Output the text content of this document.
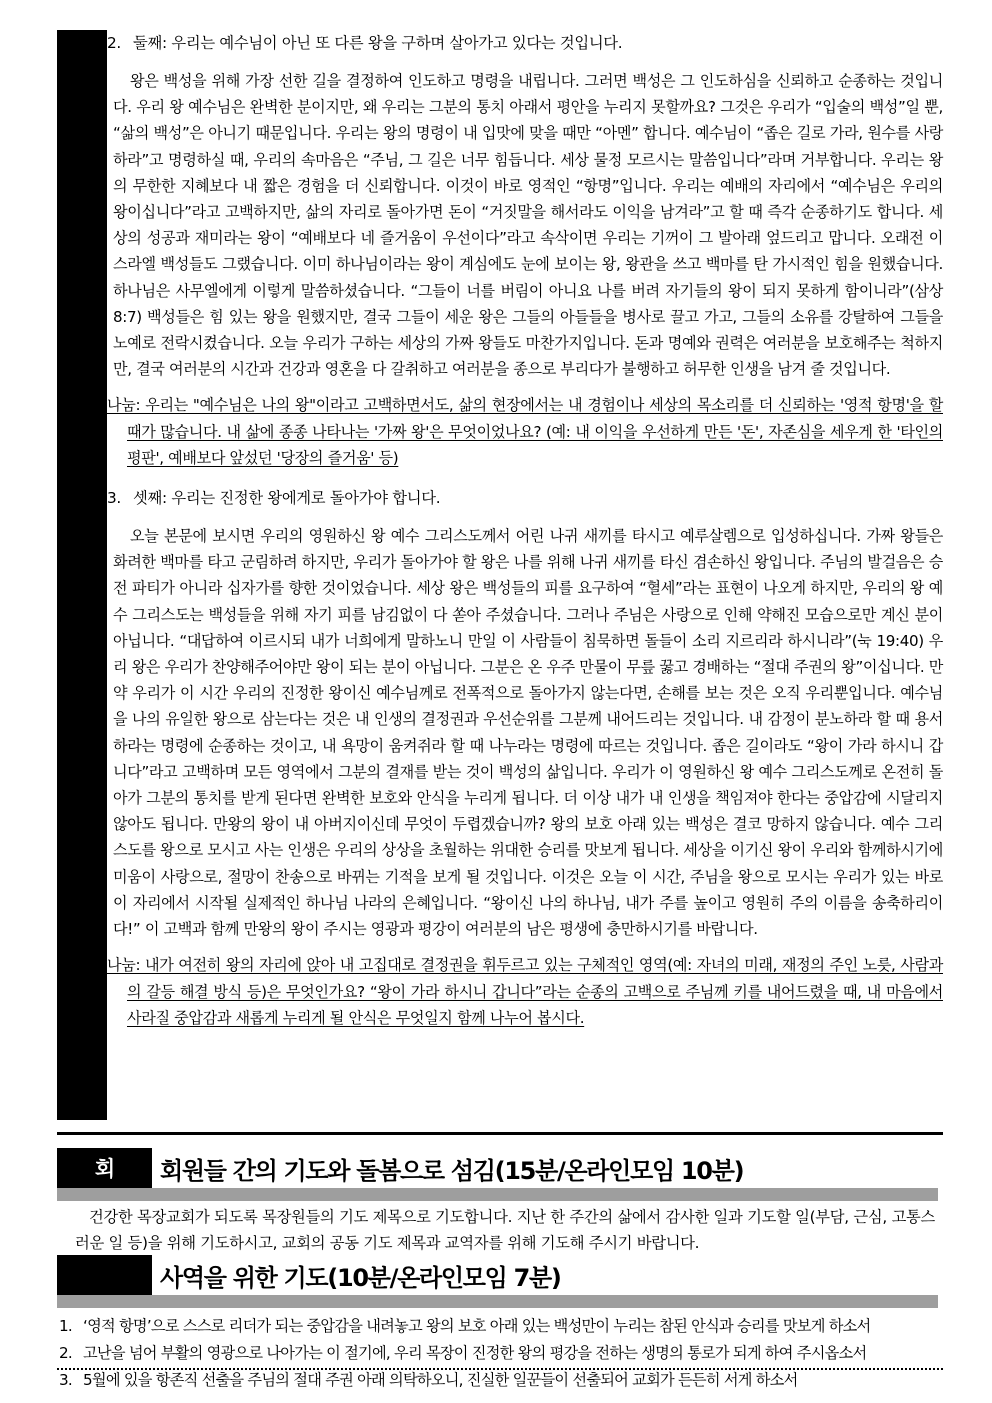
2. 둘째: 우리는 예수님이 아닌 또 다른 왕을 구하며 살아가고 있다는 것입니다.

왕은 백성을 위해 가장 선한 길을 결정하여 인도하고 명령을 내립니다. 그러면 백성은 그 인도하심을 신뢰하고 순종하는 것입니다. 우리 왕 예수님은 완벽한 분이지만, 왜 우리는 그분의 통치 아래서 평안을 누리지 못할까요? 그것은 우리가 “입술의 백성”일 뿐, “삶의 백성”은 아니기 때문입니다. 우리는 왕의 명령이 내 입맛에 맞을 때만 “아멘” 합니다. 예수님이 “좁은 길로 가라, 원수를 사랑하라”고 명령하실 때, 우리의 속마음은 “주님, 그 길은 너무 힘듭니다. 세상 물정 모르시는 말씀입니다”라며 거부합니다. 우리는 왕의 무한한 지혜보다 내 짧은 경험을 더 신뢰합니다. 이것이 바로 영적인 “항명”입니다. 우리는 예배의 자리에서 “예수님은 우리의 왕이십니다”라고 고백하지만, 삶의 자리로 돌아가면 돈이 “거짓말을 해서라도 이익을 남겨라”고 할 때 즉각 순종하기도 합니다. 세상의 성공과 재미라는 왕이 “예배보다 네 즐거움이 우선이다”라고 속삭이면 우리는 기꺼이 그 발아래 엎드리고 맙니다. 오래전 이스라엘 백성들도 그랬습니다. 이미 하나님이라는 왕이 계심에도 눈에 보이는 왕, 왕관을 쓰고 백마를 탄 가시적인 힘을 원했습니다. 하나님은 사무엘에게 이렇게 말씀하셨습니다. “그들이 너를 버림이 아니요 나를 버려 자기들의 왕이 되지 못하게 함이니라”(삼상 8:7) 백성들은 힘 있는 왕을 원했지만, 결국 그들이 세운 왕은 그들의 아들들을 병사로 끌고 가고, 그들의 소유를 강탈하여 그들을 노예로 전락시켰습니다. 오늘 우리가 구하는 세상의 가짜 왕들도 마찬가지입니다. 돈과 명예와 권력은 여러분을 보호해주는 척하지만, 결국 여러분의 시간과 건강과 영혼을 다 갈취하고 여러분을 종으로 부리다가 불행하고 허무한 인생을 남겨 줄 것입니다.

나눔: 우리는 "예수님은 나의 왕"이라고 고백하면서도, 삶의 현장에서는 내 경험이나 세상의 목소리를 더 신뢰하는 '영적 항명'을 할 때가 많습니다. 내 삶에 종종 나타나는 '가짜 왕'은 무엇이었나요? (예: 내 이익을 우선하게 만든 '돈', 자존심을 세우게 한 '타인의 평판', 예배보다 앞섰던 '당장의 즐거움' 등)
3. 셋째: 우리는 진정한 왕에게로 돌아가야 합니다.

오늘 본문에 보시면 우리의 영원하신 왕 예수 그리스도께서 어린 나귀 새끼를 타시고 예루살렘으로 입성하십니다. 가짜 왕들은 화려한 백마를 타고 군림하려 하지만, 우리가 돌아가야 할 왕은 나를 위해 나귀 새끼를 타신 겸손하신 왕입니다. 주님의 발걸음은 승전 파티가 아니라 십자가를 향한 것이었습니다. 세상 왕은 백성들의 피를 요구하여 “혈세”라는 표현이 나오게 하지만, 우리의 왕 예수 그리스도는 백성들을 위해 자기 피를 남김없이 다 쏟아 주셨습니다. 그러나 주님은 사랑으로 인해 약해진 모습으로만 계신 분이 아닙니다. “대답하여 이르시되 내가 너희에게 말하노니 만일 이 사람들이 침묵하면 돌들이 소리 지르리라 하시니라”(눅 19:40) 우리 왕은 우리가 찬양해주어야만 왕이 되는 분이 아닙니다. 그분은 온 우주 만물이 무릎 꿇고 경배하는 “절대 주권의 왕”이십니다. 만약 우리가 이 시간 우리의 진정한 왕이신 예수님께로 전폭적으로 돌아가지 않는다면, 손해를 보는 것은 오직 우리뿐입니다. 예수님을 나의 유일한 왕으로 삼는다는 것은 내 인생의 결정권과 우선순위를 그분께 내어드리는 것입니다. 내 감정이 분노하라 할 때 용서하라는 명령에 순종하는 것이고, 내 욕망이 움켜쥐라 할 때 나누라는 명령에 따르는 것입니다. 좁은 길이라도 “왕이 가라 하시니 갑니다”라고 고백하며 모든 영역에서 그분의 결재를 받는 것이 백성의 삶입니다. 우리가 이 영원하신 왕 예수 그리스도께로 온전히 돌아가 그분의 통치를 받게 된다면 완벽한 보호와 안식을 누리게 됩니다. 더 이상 내가 내 인생을 책임져야 한다는 중압감에 시달리지 않아도 됩니다. 만왕의 왕이 내 아버지이신데 무엇이 두렵겠습니까? 왕의 보호 아래 있는 백성은 결코 망하지 않습니다. 예수 그리스도를 왕으로 모시고 사는 인생은 우리의 상상을 초월하는 위대한 승리를 맛보게 됩니다. 세상을 이기신 왕이 우리와 함께하시기에 미움이 사랑으로, 절망이 찬송으로 바뀌는 기적을 보게 될 것입니다. 이것은 오늘 이 시간, 주님을 왕으로 모시는 우리가 있는 바로 이 자리에서 시작될 실제적인 하나님 나라의 은혜입니다. “왕이신 나의 하나님, 내가 주를 높이고 영원히 주의 이름을 송축하리이다!” 이 고백과 함께 만왕의 왕이 주시는 영광과 평강이 여러분의 남은 평생에 충만하시기를 바랍니다.

나눔: 내가 여전히 왕의 자리에 앉아 내 고집대로 결정권을 휘두르고 있는 구체적인 영역(예: 자녀의 미래, 재정의 주인 노릇, 사람과의 갈등 해결 방식 등)은 무엇인가요? “왕이 가라 하시니 갑니다”라는 순종의 고백으로 주님께 키를 내어드렸을 때, 내 마음에서 사라질 중압감과 새롭게 누리게 될 안식은 무엇일지 함께 나누어 봅시다.
회	회원들 간의 기도와 돌봄으로 섬김(15분/온라인모임 10분)
건강한 목장교회가 되도록 목장원들의 기도 제목으로 기도합니다. 지난 한 주간의 삶에서 감사한 일과 기도할 일(부담, 근심, 고통스러운 일 등)을 위해 기도하시고, 교회의 공동 기도 제목과 교역자를 위해 기도해 주시기 바랍니다.
사역을 위한 기도(10분/온라인모임 7분)
1. ‘영적 항명’으로 스스로 리더가 되는 중압감을 내려놓고 왕의 보호 아래 있는 백성만이 누리는 참된 안식과 승리를 맛보게 하소서
2. 고난을 넘어 부활의 영광으로 나아가는 이 절기에, 우리 목장이 진정한 왕의 평강을 전하는 생명의 통로가 되게 하여 주시옵소서
3. 5월에 있을 항존직 선출을 주님의 절대 주권 아래 의탁하오니, 진실한 일꾼들이 선출되어 교회가 든든히 서게 하소서
